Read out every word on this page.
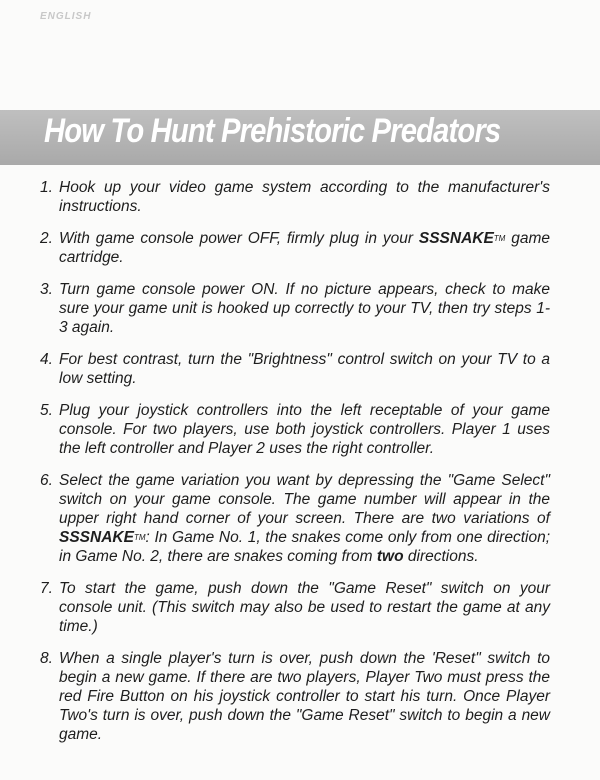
ENGLISH
How To Hunt Prehistoric Predators
1. Hook up your video game system according to the manufacturer's instructions.
2. With game console power OFF, firmly plug in your SSSNAKE™ game cartridge.
3. Turn game console power ON. If no picture appears, check to make sure your game unit is hooked up correctly to your TV, then try steps 1-3 again.
4. For best contrast, turn the "Brightness" control switch on your TV to a low setting.
5. Plug your joystick controllers into the left receptable of your game console. For two players, use both joystick controllers. Player 1 uses the left controller and Player 2 uses the right controller.
6. Select the game variation you want by depressing the "Game Select" switch on your game console. The game number will appear in the upper right hand corner of your screen. There are two variations of SSSNAKE™: In Game No. 1, the snakes come only from one direction; in Game No. 2, there are snakes coming from two directions.
7. To start the game, push down the "Game Reset" switch on your console unit. (This switch may also be used to restart the game at any time.)
8. When a single player's turn is over, push down the 'Reset" switch to begin a new game. If there are two players, Player Two must press the red Fire Button on his joystick controller to start his turn. Once Player Two's turn is over, push down the "Game Reset" switch to begin a new game.
